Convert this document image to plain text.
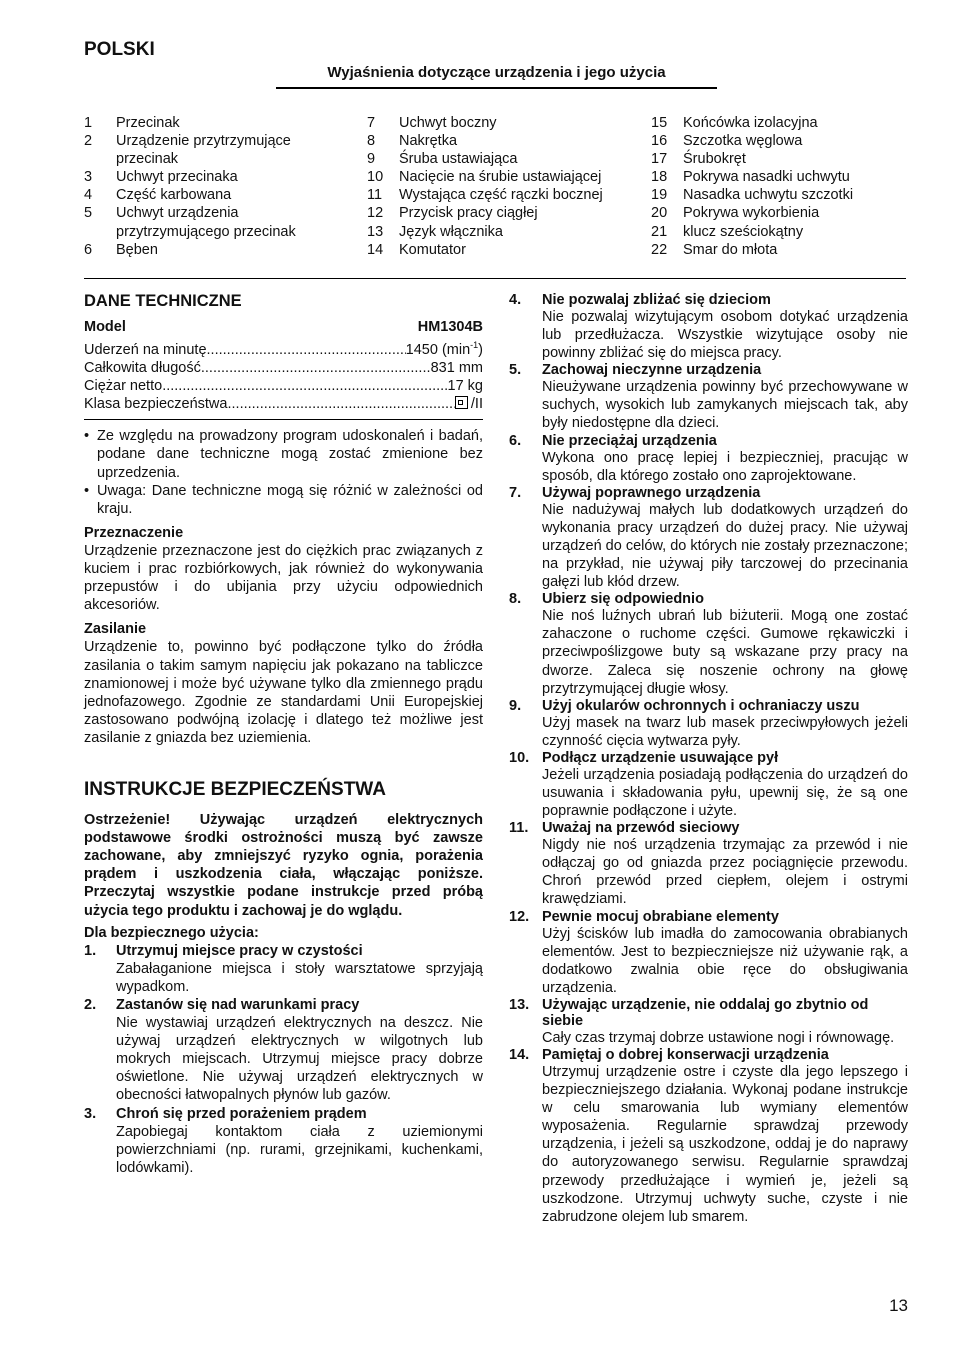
POLSKI
Wyjaśnienia dotyczące urządzenia i jego użycia
1	Przecinak
2	Urządzenie przytrzymujące przecinak
3	Uchwyt przecinaka
4	Część karbowana
5	Uchwyt urządzenia przytrzymującego przecinak
6	Bęben
7	Uchwyt boczny
8	Nakrętka
9	Śruba ustawiająca
10	Nacięcie na śrubie ustawiającej
11	Wystająca część rączki bocznej
12	Przycisk pracy ciągłej
13	Język włącznika
14	Komutator
15	Końcówka izolacyjna
16	Szczotka węglowa
17	Śrubokręt
18	Pokrywa nasadki uchwytu
19	Nasadka uchwytu szczotki
20	Pokrywa wykorbienia
21	klucz sześciokątny
22	Smar do młota
DANE TECHNICZNE
Model	HM1304B
Uderzeń na minutę .....	1450 $(\min^{-1})$
Całkowita długość .....	831 mm
Ciężar netto .....	17 kg
Klasa bezpieczeństwa .....	/II
• Ze względu na prowadzony program udoskonaleń i badań, podane dane techniczne mogą zostać zmienione bez uprzedzenia.
• Uwaga: Dane techniczne mogą się różnić w zależności od kraju.
Przeznaczenie
Urządzenie przeznaczone jest do ciężkich prac związanych z kuciem i prac rozbiórkowych, jak również do wykonywania przepustów i do ubijania przy użyciu odpowiednich akcesoriów.
Zasilanie
Urządzenie to, powinno być podłączone tylko do źródła zasilania o takim samym napięciu jak pokazano na tabliczce znamionowej i może być używane tylko dla zmiennego prądu jednofazowego. Zgodnie ze standardami Unii Europejskiej zastosowano podwójną izolację i dlatego też możliwe jest zasilanie z gniazda bez uziemienia.
INSTRUKCJE BEZPIECZEŃSTWA
Ostrzeżenie! Używając urządzeń elektrycznych podstawowe środki ostrożności muszą być zawsze zachowane, aby zmniejszyć ryzyko ognia, porażenia prądem i uszkodzenia ciała, włączając poniższe. Przeczytaj wszystkie podane instrukcje przed próbą użycia tego produktu i zachowaj je do wglądu.
Dla bezpiecznego użycia:
1.	Utrzymuj miejsce pracy w czystości
Zabałaganione miejsca i stoły warsztatowe sprzyjają wypadkom.
2.	Zastanów się nad warunkami pracy
Nie wystawiaj urządzeń elektrycznych na deszcz. Nie używaj urządzeń elektrycznych w wilgotnych lub mokrych miejscach. Utrzymuj miejsce pracy dobrze oświetlone. Nie używaj urządzeń elektrycznych w obecności łatwopalnych płynów lub gazów.
3.	Chroń się przed porażeniem prądem
Zapobiegaj kontaktom ciała z uziemionymi powierzchniami (np. rurami, grzejnikami, kuchenkami, lodówkami).
4.	Nie pozwalaj zbliżać się dzieciom
Nie pozwalaj wizytującym osobom dotykać urządzenia lub przedłużacza. Wszystkie wizytujące osoby nie powinny zbliżać się do miejsca pracy.
5.	Zachowaj nieczynne urządzenia
Nieużywane urządzenia powinny być przechowywane w suchych, wysokich lub zamykanych miejscach tak, aby były niedostępne dla dzieci.
6.	Nie przeciążaj urządzenia
Wykona ono pracę lepiej i bezpieczniej, pracując w sposób, dla którego zostało ono zaprojektowane.
7.	Używaj poprawnego urządzenia
Nie nadużywaj małych lub dodatkowych urządzeń do wykonania pracy urządzeń do dużej pracy. Nie używaj urządzeń do celów, do których nie zostały przeznaczone; na przykład, nie używaj piły tarczowej do przecinania gałęzi lub kłód drzew.
8.	Ubierz się odpowiednio
Nie noś luźnych ubrań lub biżuterii. Mogą one zostać zahaczone o ruchome części. Gumowe rękawiczki i przeciwpoślizgowe buty są wskazane przy pracy na dworze. Zaleca się noszenie ochrony na głowę przytrzymującej długie włosy.
9.	Użyj okularów ochronnych i ochraniaczy uszu
Użyj masek na twarz lub masek przeciwpyłowych jeżeli czynność cięcia wytwarza pyły.
10. Podłącz urządzenie usuwające pył
Jeżeli urządzenia posiadają podłączenia do urządzeń do usuwania i składowania pyłu, upewnij się, że są one poprawnie podłączone i użyte.
11. Uważaj na przewód sieciowy
Nigdy nie noś urządzenia trzymając za przewód i nie odłączaj go od gniazda przez pociągnięcie przewodu. Chroń przewód przed ciepłem, olejem i ostrymi krawędziami.
12. Pewnie mocuj obrabiane elementy
Użyj ścisków lub imadła do zamocowania obrabianych elementów. Jest to bezpieczniejsze niż używanie rąk, a dodatkowo zwalnia obie ręce do obsługiwania urządzenia.
13. Używając urządzenie, nie oddalaj go zbytnio od siebie
Cały czas trzymaj dobrze ustawione nogi i równowagę.
14. Pamiętaj o dobrej konserwacji urządzenia
Utrzymuj urządzenie ostre i czyste dla jego lepszego i bezpieczniejszego działania. Wykonaj podane instrukcje w celu smarowania lub wymiany elementów wyposażenia. Regularnie sprawdzaj przewody urządzenia, i jeżeli są uszkodzone, oddaj je do naprawy do autoryzowanego serwisu. Regularnie sprawdzaj przewody przedłużające i wymień je, jeżeli są uszkodzone. Utrzymuj uchwyty suche, czyste i nie zabrudzone olejem lub smarem.
13
